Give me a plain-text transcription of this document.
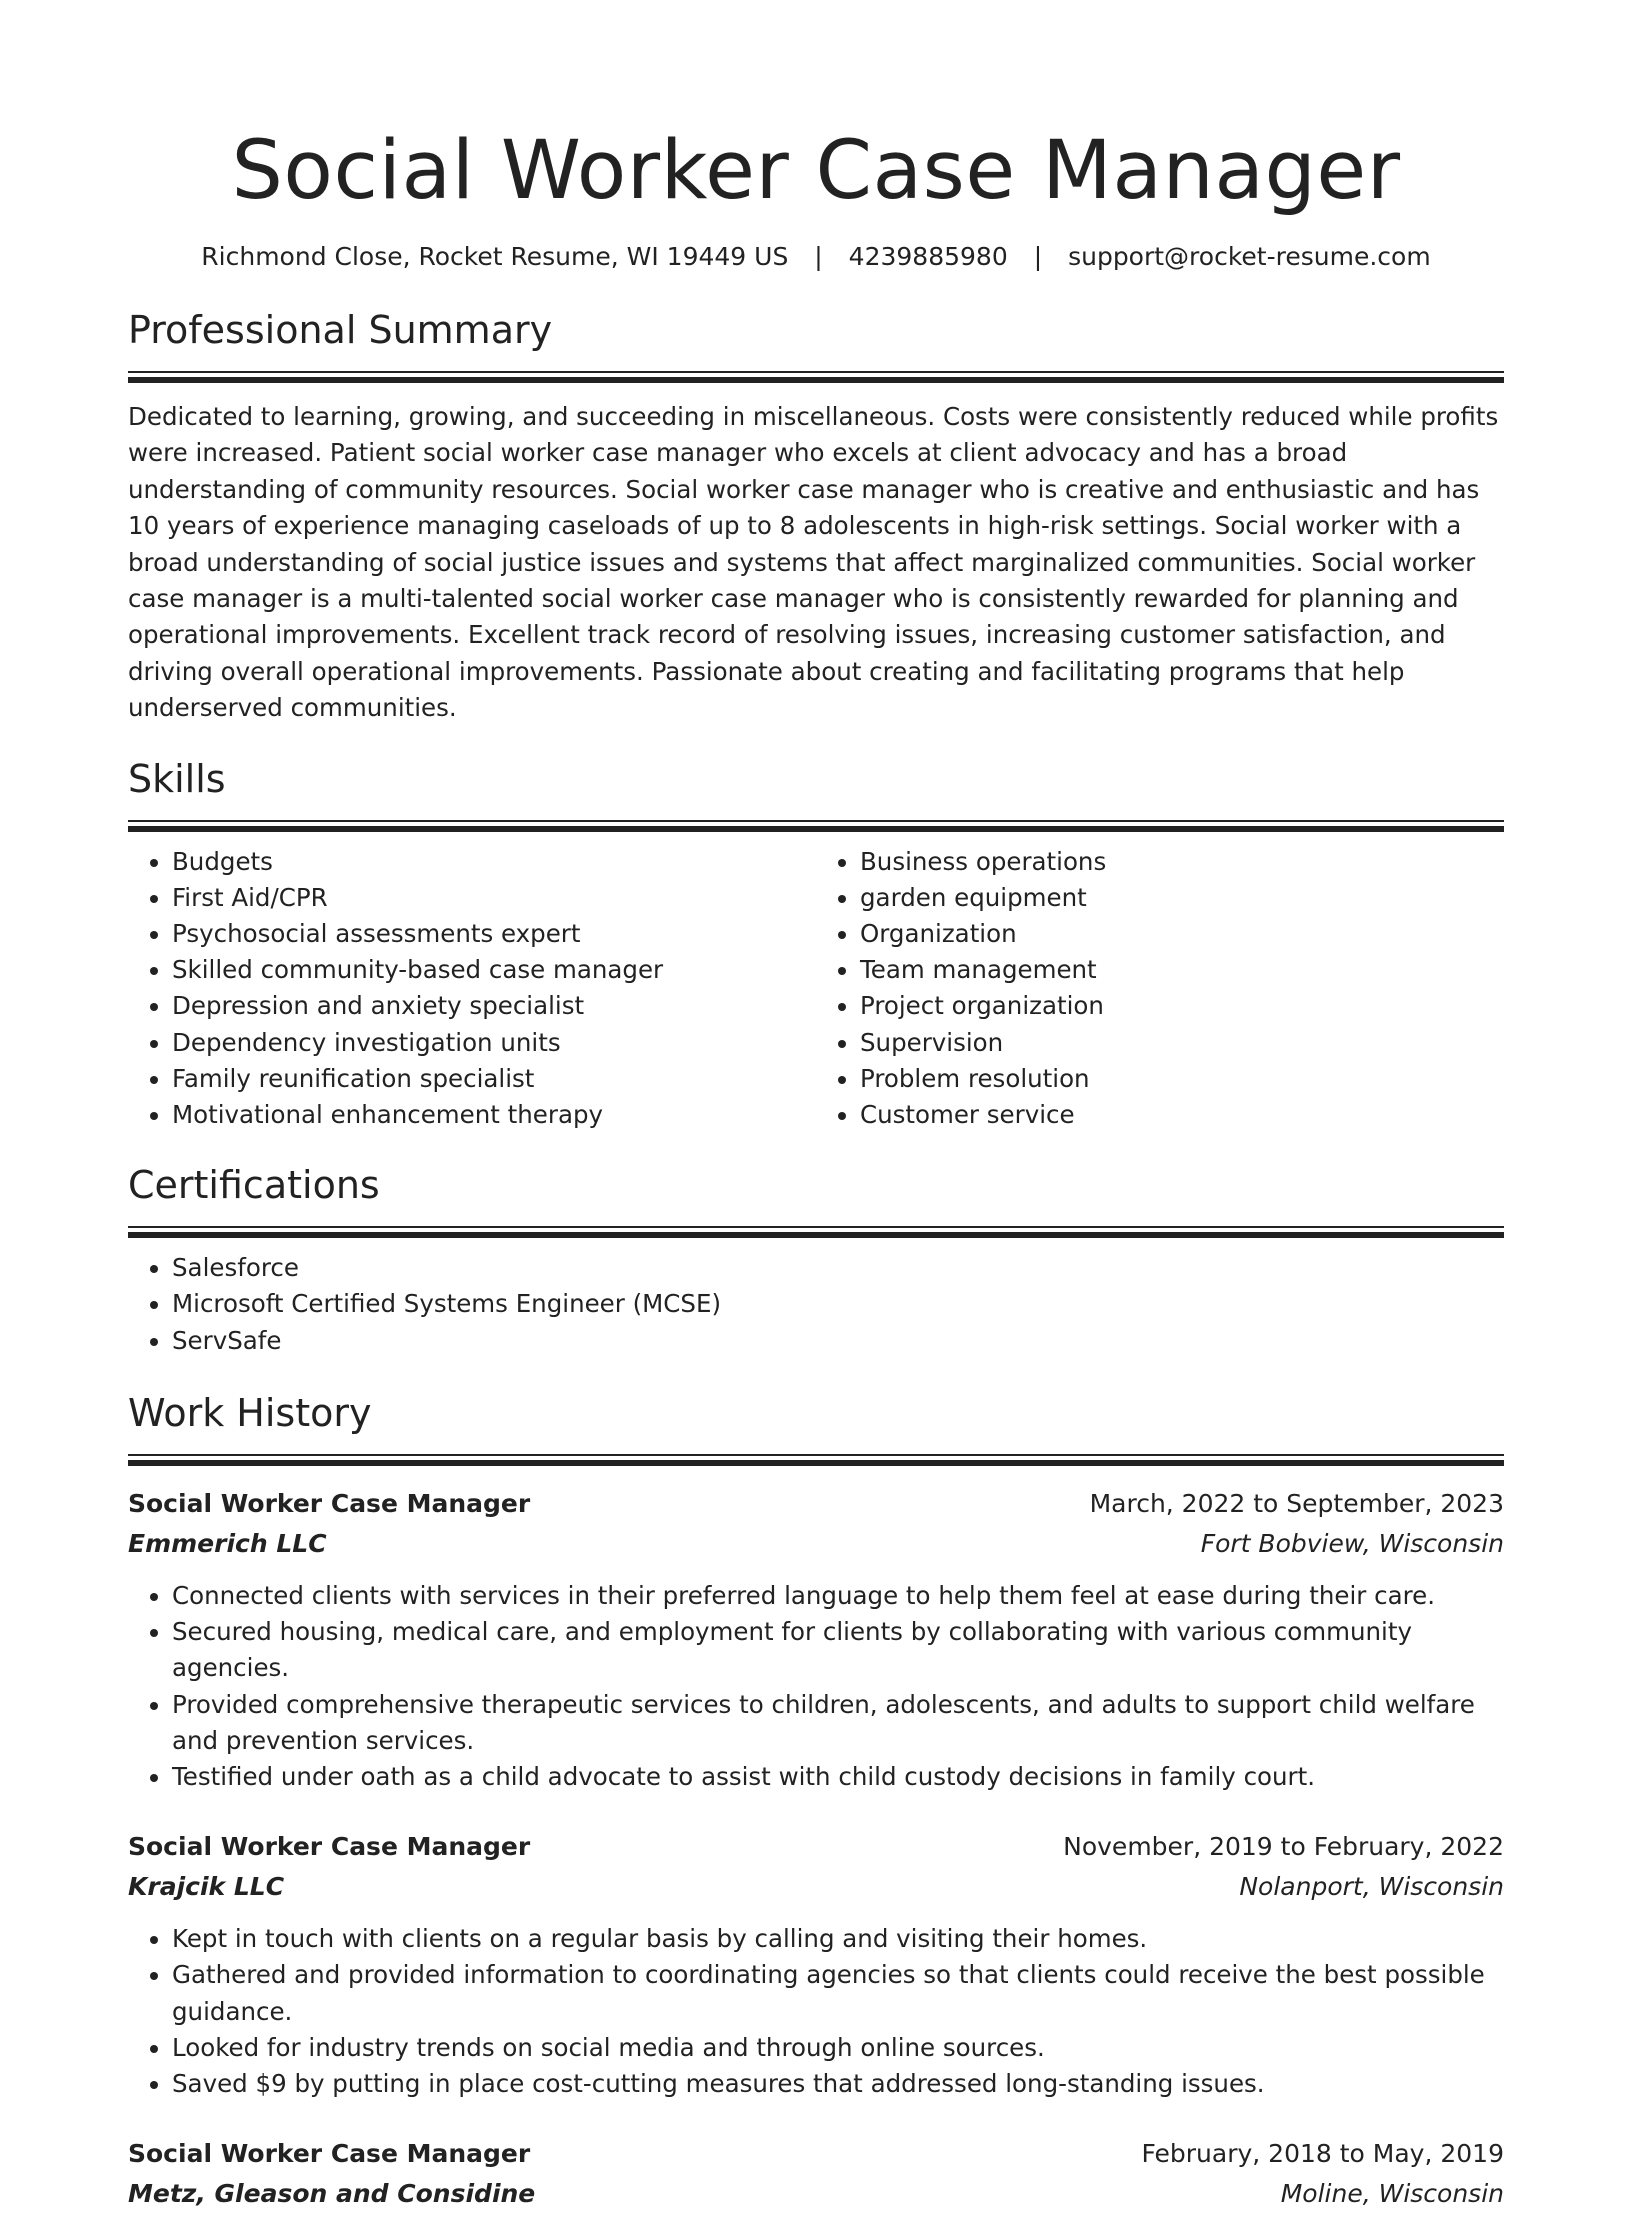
Social Worker Case Manager
Richmond Close, Rocket Resume, WI 19449 US | 4239885980 | support@rocket-resume.com
Professional Summary

Dedicated to learning, growing, and succeeding in miscellaneous. Costs were consistently reduced while profits were increased. Patient social worker case manager who excels at client advocacy and has a broad understanding of community resources. Social worker case manager who is creative and enthusiastic and has 10 years of experience managing caseloads of up to 8 adolescents in high-risk settings. Social worker with a broad understanding of social justice issues and systems that affect marginalized communities. Social worker case manager is a multi-talented social worker case manager who is consistently rewarded for planning and operational improvements. Excellent track record of resolving issues, increasing customer satisfaction, and driving overall operational improvements. Passionate about creating and facilitating programs that help underserved communities.

Skills
• Budgets
• First Aid/CPR
• Psychosocial assessments expert
• Skilled community-based case manager
• Depression and anxiety specialist
• Dependency investigation units
• Family reunification specialist
• Motivational enhancement therapy
• Business operations
• garden equipment
• Organization
• Team management
• Project organization
• Supervision
• Problem resolution
• Customer service
Certifications
• Salesforce
• Microsoft Certified Systems Engineer (MCSE)
• ServSafe
Work History
Social Worker Case Manager	March, 2022 to September, 2023
Emmerich LLC	Fort Bobview, Wisconsin
• Connected clients with services in their preferred language to help them feel at ease during their care.
• Secured housing, medical care, and employment for clients by collaborating with various community agencies.
• Provided comprehensive therapeutic services to children, adolescents, and adults to support child welfare and prevention services.
• Testified under oath as a child advocate to assist with child custody decisions in family court.
Social Worker Case Manager	November, 2019 to February, 2022
Krajcik LLC	Nolanport, Wisconsin
• Kept in touch with clients on a regular basis by calling and visiting their homes.
• Gathered and provided information to coordinating agencies so that clients could receive the best possible guidance.
• Looked for industry trends on social media and through online sources.
• Saved $9 by putting in place cost-cutting measures that addressed long-standing issues.
Social Worker Case Manager	February, 2018 to May, 2019
Metz, Gleason and Considine	Moline, Wisconsin
